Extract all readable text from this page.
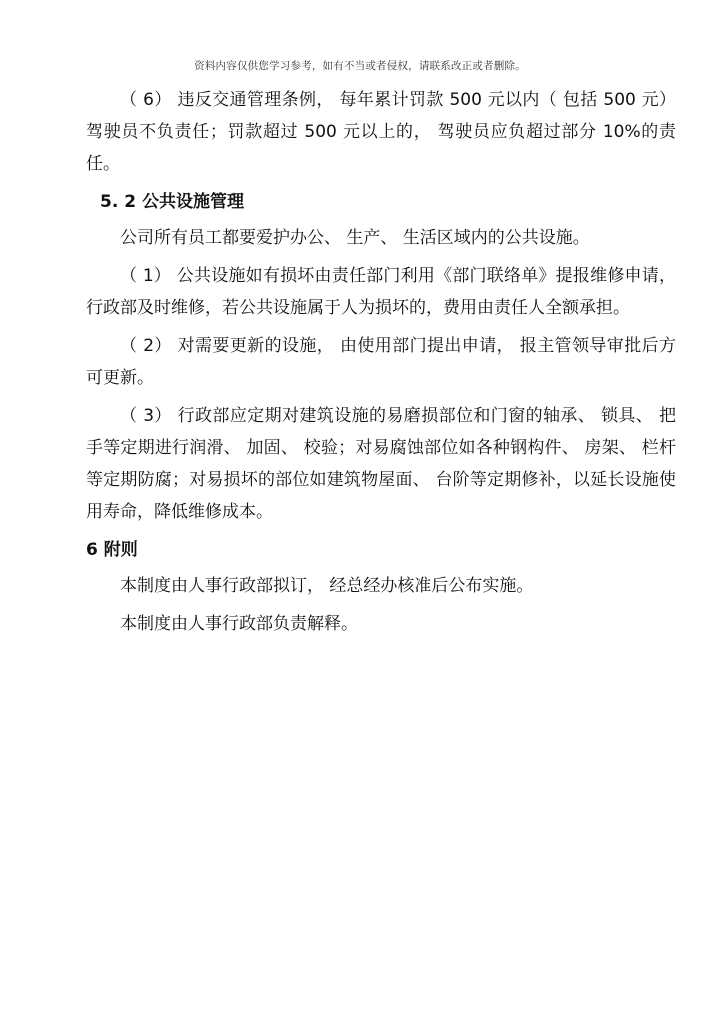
资料内容仅供您学习参考，如有不当或者侵权，请联系改正或者删除。

（ 6） 违反交通管理条例， 每年累计罚款 500 元以内（ 包括 500 元） 驾驶员不负责任；罚款超过 500 元以上的， 驾驶员应负超过部分 10%的责任。

5. 2 公共设施管理

公司所有员工都要爱护办公、 生产、 生活区域内的公共设施。

（ 1） 公共设施如有损坏由责任部门利用《部门联络单》提报维修申请，行政部及时维修，若公共设施属于人为损坏的，费用由责任人全额承担。

（ 2） 对需要更新的设施， 由使用部门提出申请， 报主管领导审批后方可更新。

（ 3） 行政部应定期对建筑设施的易磨损部位和门窗的轴承、 锁具、 把手等定期进行润滑、 加固、 校验；对易腐蚀部位如各种钢构件、 房架、 栏杆等定期防腐；对易损坏的部位如建筑物屋面、 台阶等定期修补，以延长设施使用寿命，降低维修成本。

6 附则

本制度由人事行政部拟订， 经总经办核准后公布实施。

本制度由人事行政部负责解释。
